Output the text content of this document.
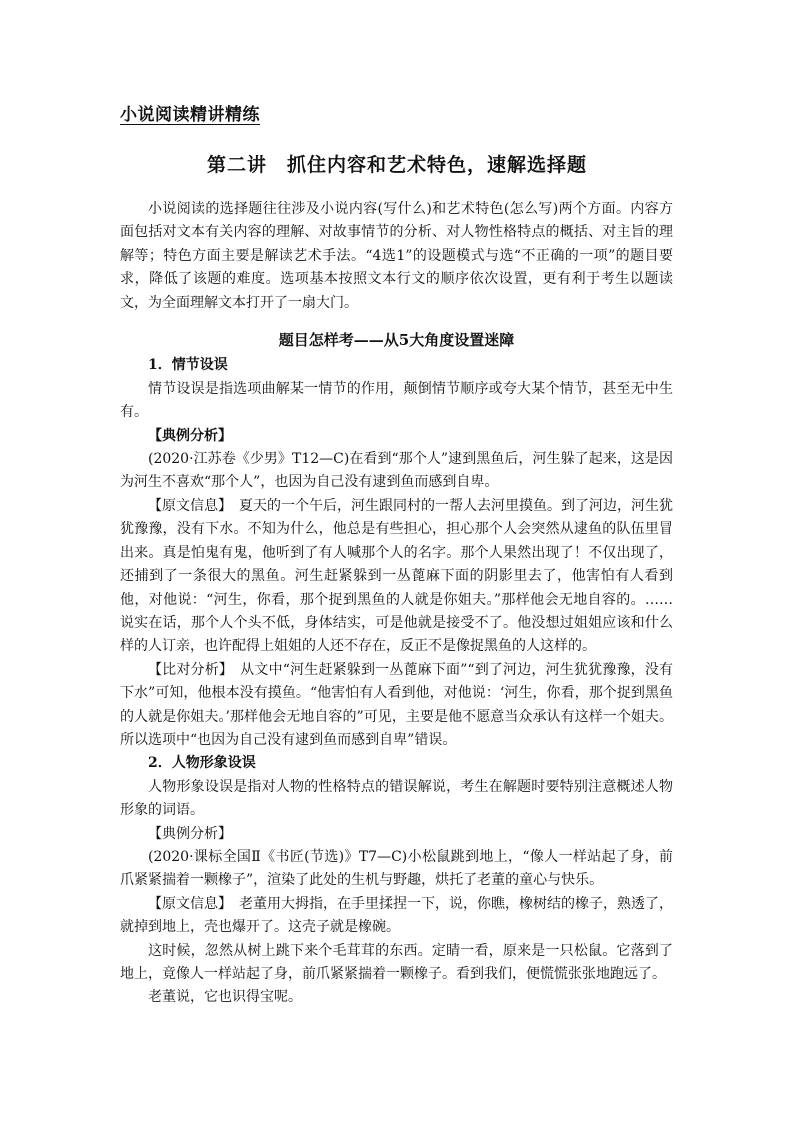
小说阅读精讲精练
第二讲　抓住内容和艺术特色，速解选择题

小说阅读的选择题往往涉及小说内容(写什么)和艺术特色(怎么写)两个方面。内容方面包括对文本有关内容的理解、对故事情节的分析、对人物性格特点的概括、对主旨的理解等；特色方面主要是解读艺术手法。“4选1”的设题模式与选“不正确的一项”的题目要求，降低了该题的难度。选项基本按照文本行文的顺序依次设置，更有利于考生以题读文，为全面理解文本打开了一扇大门。

题目怎样考——从5大角度设置迷障

1．情节设误

情节设误是指选项曲解某一情节的作用，颠倒情节顺序或夸大某个情节，甚至无中生有。

【典例分析】

(2020·江苏卷《少男》T12—C)在看到“那个人”逮到黑鱼后，河生躲了起来，这是因为河生不喜欢“那个人”，也因为自己没有逮到鱼而感到自卑。

【原文信息】　夏天的一个午后，河生跟同村的一帮人去河里摸鱼。到了河边，河生犹犹豫豫，没有下水。不知为什么，他总是有些担心，担心那个人会突然从逮鱼的队伍里冒出来。真是怕鬼有鬼，他听到了有人喊那个人的名字。那个人果然出现了！不仅出现了，还捕到了一条很大的黑鱼。河生赶紧躲到一丛蓖麻下面的阴影里去了，他害怕有人看到他，对他说：“河生，你看，那个捉到黑鱼的人就是你姐夫。”那样他会无地自容的。……说实在话，那个人个头不低，身体结实，可是他就是接受不了。他没想过姐姐应该和什么样的人订亲，也许配得上姐姐的人还不存在，反正不是像捉黑鱼的人这样的。

【比对分析】　从文中“河生赶紧躲到一丛蓖麻下面”“到了河边，河生犹犹豫豫，没有下水”可知，他根本没有摸鱼。“他害怕有人看到他，对他说：‘河生，你看，那个捉到黑鱼的人就是你姐夫。’那样他会无地自容的”可见，主要是他不愿意当众承认有这样一个姐夫。所以选项中“也因为自己没有逮到鱼而感到自卑”错误。

2．人物形象设误

人物形象设误是指对人物的性格特点的错误解说，考生在解题时要特别注意概述人物形象的词语。

【典例分析】

(2020·课标全国Ⅱ《书匠(节选)》T7—C)小松鼠跳到地上，“像人一样站起了身，前爪紧紧揣着一颗橡子”，渲染了此处的生机与野趣，烘托了老董的童心与快乐。

【原文信息】　老董用大拇指，在手里揉捏一下，说，你瞧，橡树结的橡子，熟透了，就掉到地上，壳也爆开了。这壳子就是橡碗。

这时候，忽然从树上跳下来个毛茸茸的东西。定睛一看，原来是一只松鼠。它落到了地上，竟像人一样站起了身，前爪紧紧揣着一颗橡子。看到我们，便慌慌张张地跑远了。

老董说，它也识得宝呢。
